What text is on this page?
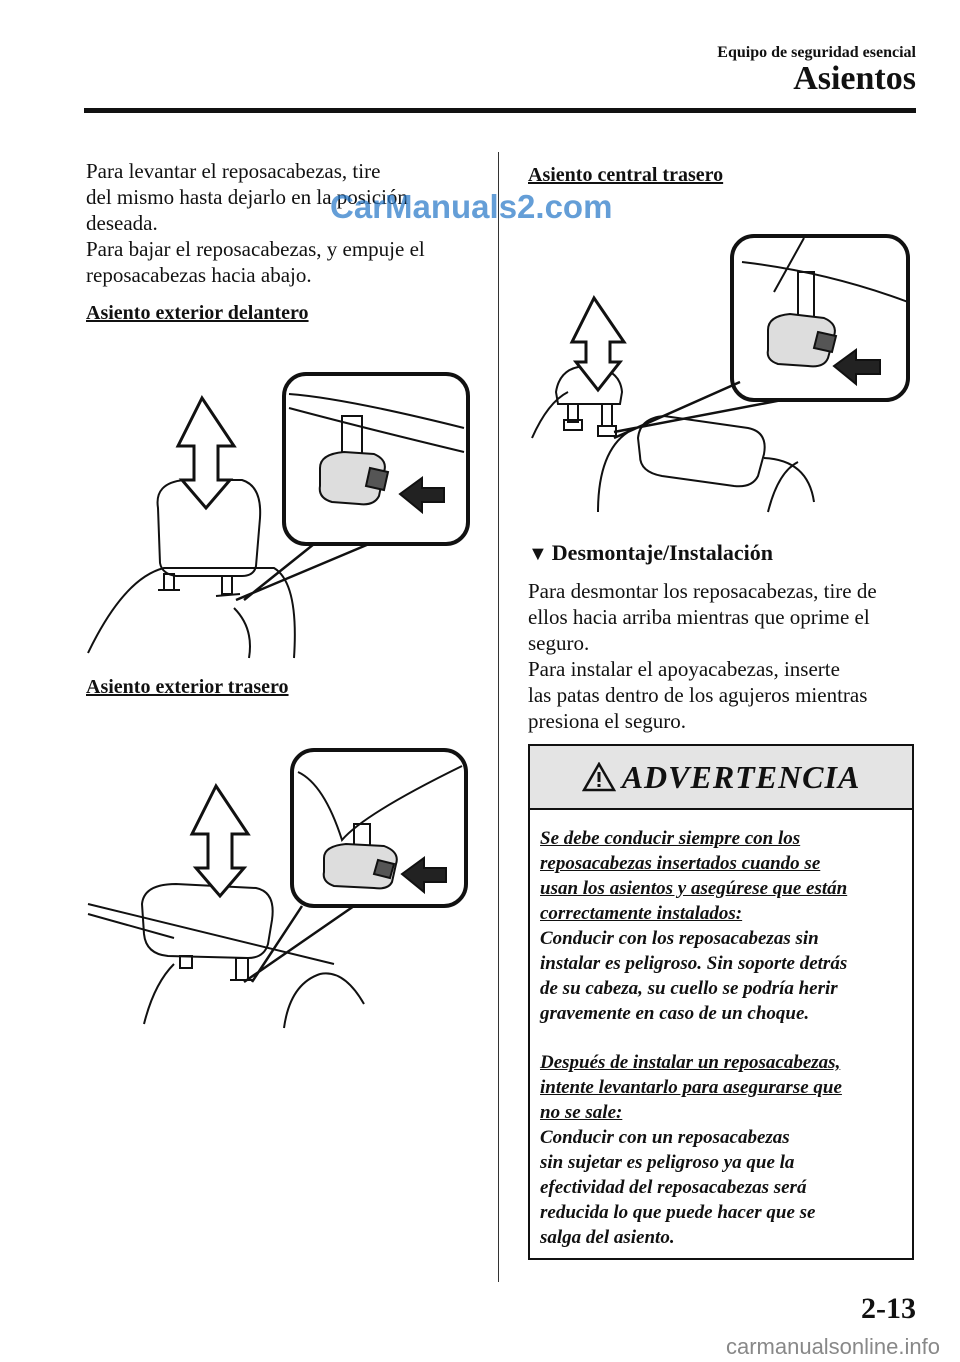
Equipo de seguridad esencial
Asientos

Para levantar el reposacabezas, tire
del mismo hasta dejarlo en la posición
deseada.
Para bajar el reposacabezas, y empuje el
reposacabezas hacia abajo.

Asiento exterior delantero
Asiento exterior trasero
CarManuals2.com
Asiento central trasero
▼ Desmontaje/Instalación

Para desmontar los reposacabezas, tire de
ellos hacia arriba mientras que oprime el
seguro.
Para instalar el apoyacabezas, inserte
las patas dentro de los agujeros mientras
presiona el seguro.

ADVERTENCIA

Se debe conducir siempre con los

reposacabezas insertados cuando se

usan los asientos y asegúrese que están

correctamente instalados:

Conducir con los reposacabezas sin

instalar es peligroso. Sin soporte detrás

de su cabeza, su cuello se podría herir

gravemente en caso de un choque.

Después de instalar un reposacabezas,

intente levantarlo para asegurarse que

no se sale:

Conducir con un reposacabezas

sin sujetar es peligroso ya que la

efectividad del reposacabezas será

reducida lo que puede hacer que se

salga del asiento.

2-13
carmanualsonline.info
